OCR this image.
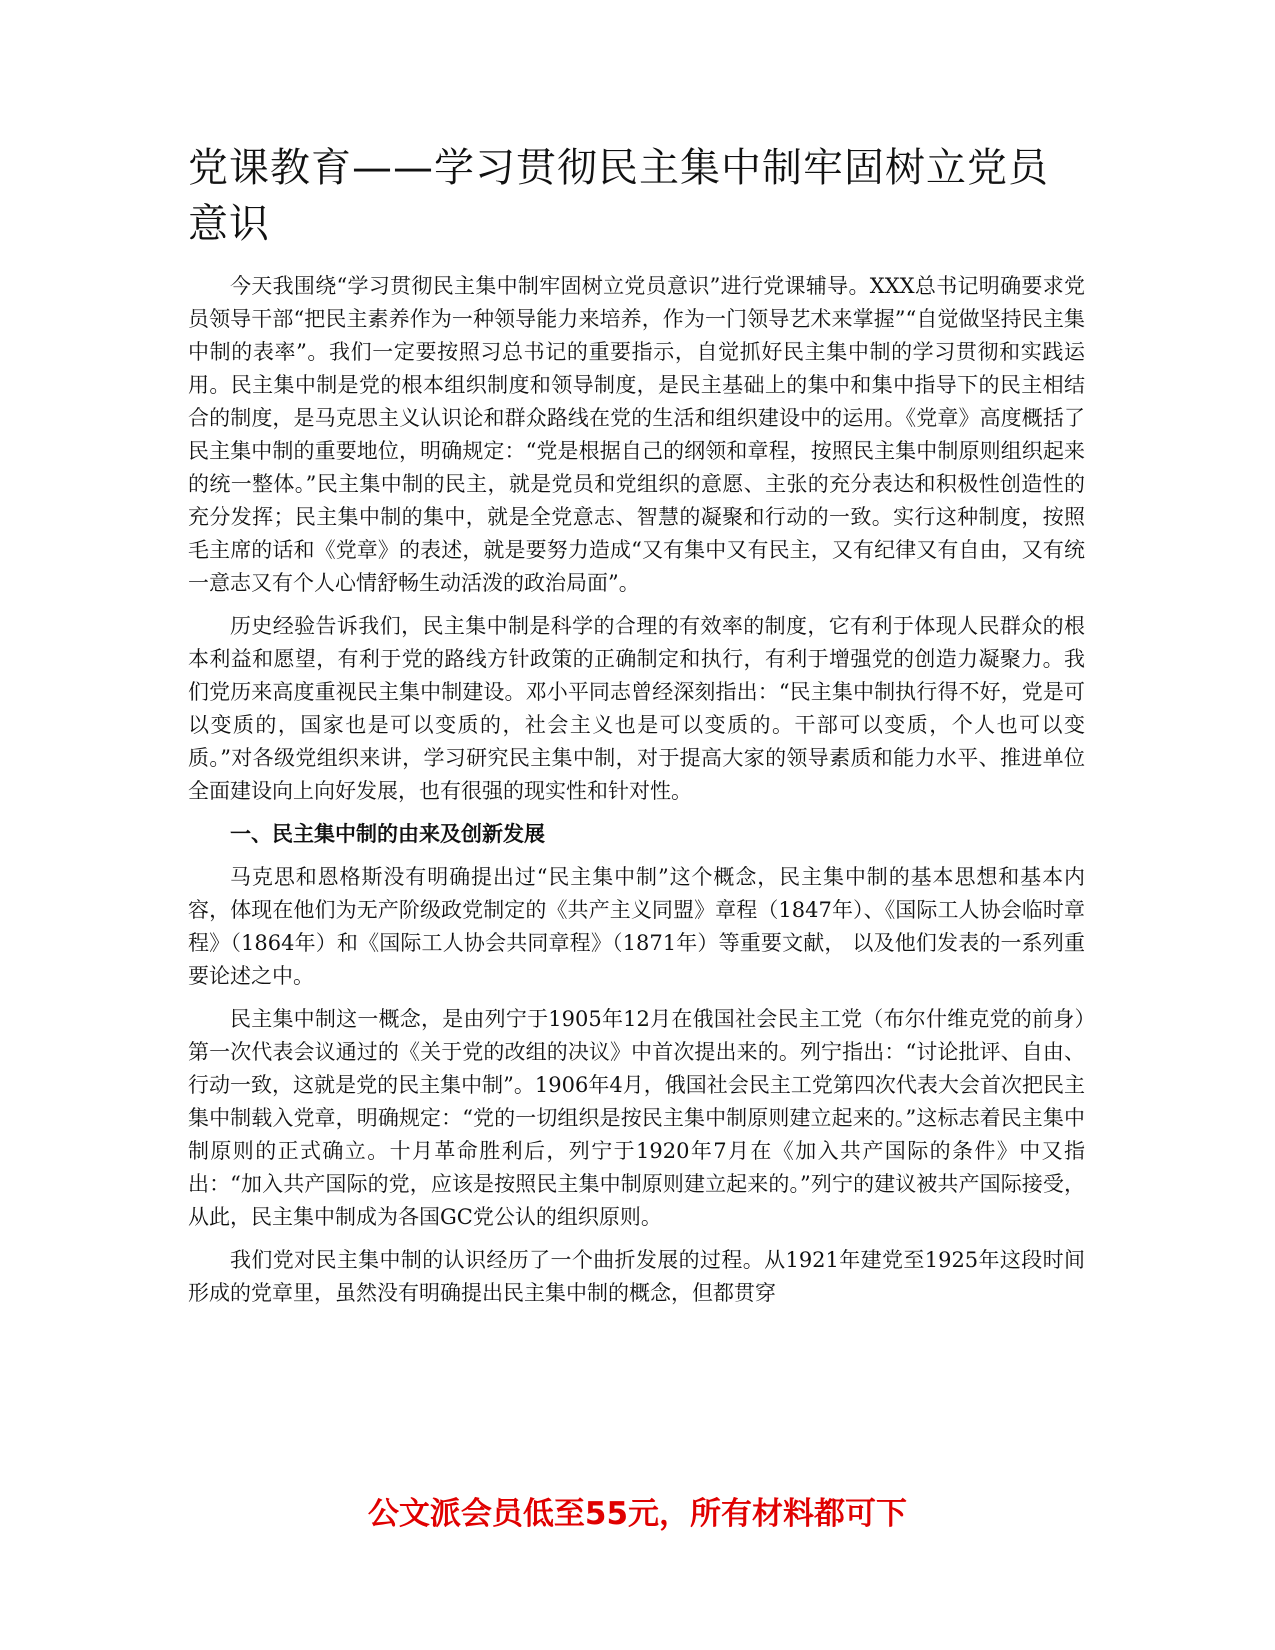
党课教育——学习贯彻民主集中制牢固树立党员意识

今天我围绕“学习贯彻民主集中制牢固树立党员意识”进行党课辅导。XXX总书记明确要求党员领导干部“把民主素养作为一种领导能力来培养，作为一门领导艺术来掌握”“自觉做坚持民主集中制的表率”。我们一定要按照习总书记的重要指示，自觉抓好民主集中制的学习贯彻和实践运用。民主集中制是党的根本组织制度和领导制度，是民主基础上的集中和集中指导下的民主相结合的制度，是马克思主义认识论和群众路线在党的生活和组织建设中的运用。《党章》高度概括了民主集中制的重要地位，明确规定：“党是根据自己的纲领和章程，按照民主集中制原则组织起来的统一整体。”民主集中制的民主，就是党员和党组织的意愿、主张的充分表达和积极性创造性的充分发挥；民主集中制的集中，就是全党意志、智慧的凝聚和行动的一致。实行这种制度，按照毛主席的话和《党章》的表述，就是要努力造成“又有集中又有民主，又有纪律又有自由，又有统一意志又有个人心情舒畅生动活泼的政治局面”。

历史经验告诉我们，民主集中制是科学的合理的有效率的制度，它有利于体现人民群众的根本利益和愿望，有利于党的路线方针政策的正确制定和执行，有利于增强党的创造力凝聚力。我们党历来高度重视民主集中制建设。邓小平同志曾经深刻指出：“民主集中制执行得不好，党是可以变质的，国家也是可以变质的，社会主义也是可以变质的。干部可以变质，个人也可以变质。”对各级党组织来讲，学习研究民主集中制，对于提高大家的领导素质和能力水平、推进单位全面建设向上向好发展，也有很强的现实性和针对性。

一、民主集中制的由来及创新发展

马克思和恩格斯没有明确提出过“民主集中制”这个概念，民主集中制的基本思想和基本内容，体现在他们为无产阶级政党制定的《共产主义同盟》章程（1847年）、《国际工人协会临时章程》（1864年）和《国际工人协会共同章程》（1871年）等重要文献， 以及他们发表的一系列重要论述之中。

民主集中制这一概念，是由列宁于1905年12月在俄国社会民主工党（布尔什维克党的前身）第一次代表会议通过的《关于党的改组的决议》中首次提出来的。列宁指出：“讨论批评、自由、行动一致，这就是党的民主集中制”。1906年4月，俄国社会民主工党第四次代表大会首次把民主集中制载入党章，明确规定：“党的一切组织是按民主集中制原则建立起来的。”这标志着民主集中制原则的正式确立。十月革命胜利后，列宁于1920年7月在《加入共产国际的条件》中又指出：“加入共产国际的党，应该是按照民主集中制原则建立起来的。”列宁的建议被共产国际接受，从此，民主集中制成为各国GC党公认的组织原则。

我们党对民主集中制的认识经历了一个曲折发展的过程。从1921年建党至1925年这段时间形成的党章里，虽然没有明确提出民主集中制的概念，但都贯穿

公文派会员低至55元，所有材料都可下
